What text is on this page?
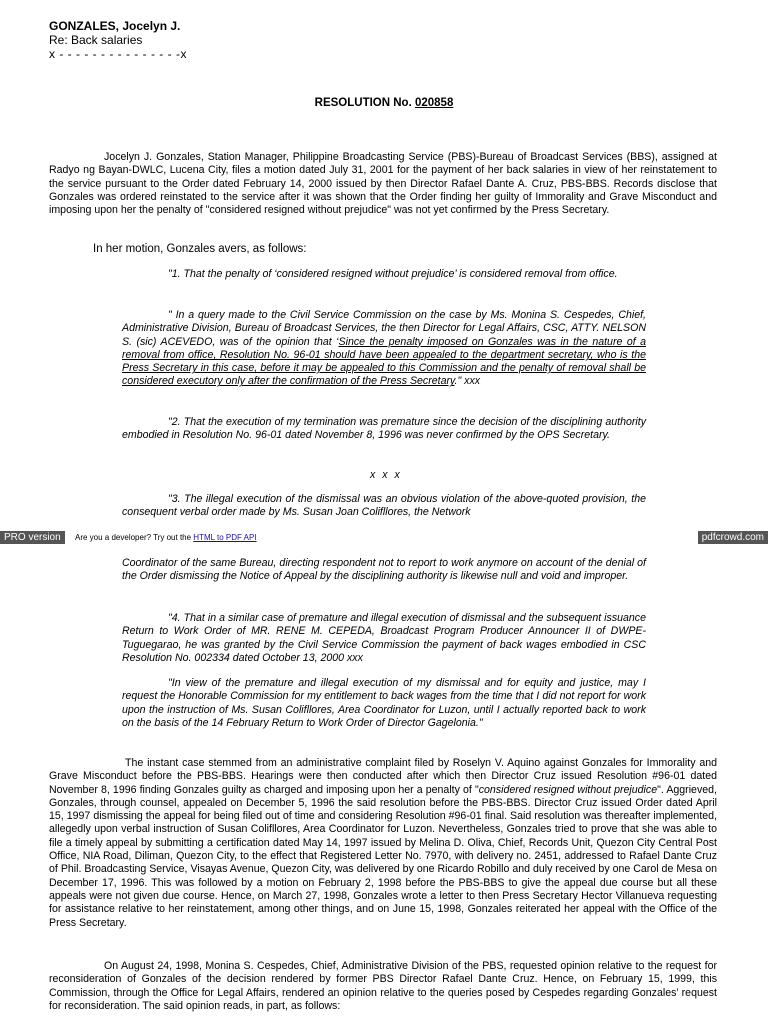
GONZALES, Jocelyn J.
Re: Back salaries
x - - - - - - - - - - - - - - -x
RESOLUTION No. 020858

Jocelyn J. Gonzales, Station Manager, Philippine Broadcasting Service (PBS)-Bureau of Broadcast Services (BBS), assigned at Radyo ng Bayan-DWLC, Lucena City, files a motion dated July 31, 2001 for the payment of her back salaries in view of her reinstatement to the service pursuant to the Order dated February 14, 2000 issued by then Director Rafael Dante A. Cruz, PBS-BBS. Records disclose that Gonzales was ordered reinstated to the service after it was shown that the Order finding her guilty of Immorality and Grave Misconduct and imposing upon her the penalty of "considered resigned without prejudice" was not yet confirmed by the Press Secretary.

In her motion, Gonzales avers, as follows:

"1. That the penalty of ‘considered resigned without prejudice’ is considered removal from office.

" In a query made to the Civil Service Commission on the case by Ms. Monina S. Cespedes, Chief, Administrative Division, Bureau of Broadcast Services, the then Director for Legal Affairs, CSC, ATTY. NELSON S. (sic) ACEVEDO, was of the opinion that ‘Since the penalty imposed on Gonzales was in the nature of a removal from office, Resolution No. 96-01 should have been appealed to the department secretary, who is the Press Secretary in this case, before it may be appealed to this Commission and the penalty of removal shall be considered executory only after the confirmation of the Press Secretary." xxx

"2. That the execution of my termination was premature since the decision of the disciplining authority embodied in Resolution No. 96-01 dated November 8, 1996 was never confirmed by the OPS Secretary.

x x x

"3. The illegal execution of the dismissal was an obvious violation of the above-quoted provision, the consequent verbal order made by Ms. Susan Joan Colifllores, the Network

PRO version	Are you a developer? Try out the HTML to PDF API	pdfcrowd.com

Coordinator of the same Bureau, directing respondent not to report to work anymore on account of the denial of the Order dismissing the Notice of Appeal by the disciplining authority is likewise null and void and improper.

"4. That in a similar case of premature and illegal execution of dismissal and the subsequent issuance Return to Work Order of MR. RENE M. CEPEDA, Broadcast Program Producer Announcer II of DWPE-Tuguegarao, he was granted by the Civil Service Commission the payment of back wages embodied in CSC Resolution No. 002334 dated October 13, 2000 xxx

"In view of the premature and illegal execution of my dismissal and for equity and justice, may I request the Honorable Commission for my entitlement to back wages from the time that I did not report for work upon the instruction of Ms. Susan Colifllores, Area Coordinator for Luzon, until I actually reported back to work on the basis of the 14 February Return to Work Order of Director Gagelonia."

The instant case stemmed from an administrative complaint filed by Roselyn V. Aquino against Gonzales for Immorality and Grave Misconduct before the PBS-BBS. Hearings were then conducted after which then Director Cruz issued Resolution #96-01 dated November 8, 1996 finding Gonzales guilty as charged and imposing upon her a penalty of "considered resigned without prejudice". Aggrieved, Gonzales, through counsel, appealed on December 5, 1996 the said resolution before the PBS-BBS. Director Cruz issued Order dated April 15, 1997 dismissing the appeal for being filed out of time and considering Resolution #96-01 final. Said resolution was thereafter implemented, allegedly upon verbal instruction of Susan Colifllores, Area Coordinator for Luzon. Nevertheless, Gonzales tried to prove that she was able to file a timely appeal by submitting a certification dated May 14, 1997 issued by Melina D. Oliva, Chief, Records Unit, Quezon City Central Post Office, NIA Road, Diliman, Quezon City, to the effect that Registered Letter No. 7970, with delivery no. 2451, addressed to Rafael Dante Cruz of Phil. Broadcasting Service, Visayas Avenue, Quezon City, was delivered by one Ricardo Robillo and duly received by one Carol de Mesa on December 17, 1996. This was followed by a motion on February 2, 1998 before the PBS-BBS to give the appeal due course but all these appeals were not given due course. Hence, on March 27, 1998, Gonzales wrote a letter to then Press Secretary Hector Villanueva requesting for assistance relative to her reinstatement, among other things, and on June 15, 1998, Gonzales reiterated her appeal with the Office of the Press Secretary.

On August 24, 1998, Monina S. Cespedes, Chief, Administrative Division of the PBS, requested opinion relative to the request for reconsideration of Gonzales of the decision rendered by former PBS Director Rafael Dante Cruz. Hence, on February 15, 1999, this Commission, through the Office for Legal Affairs, rendered an opinion relative to the queries posed by Cespedes regarding Gonzales’ request for reconsideration. The said opinion reads, in part, as follows:
